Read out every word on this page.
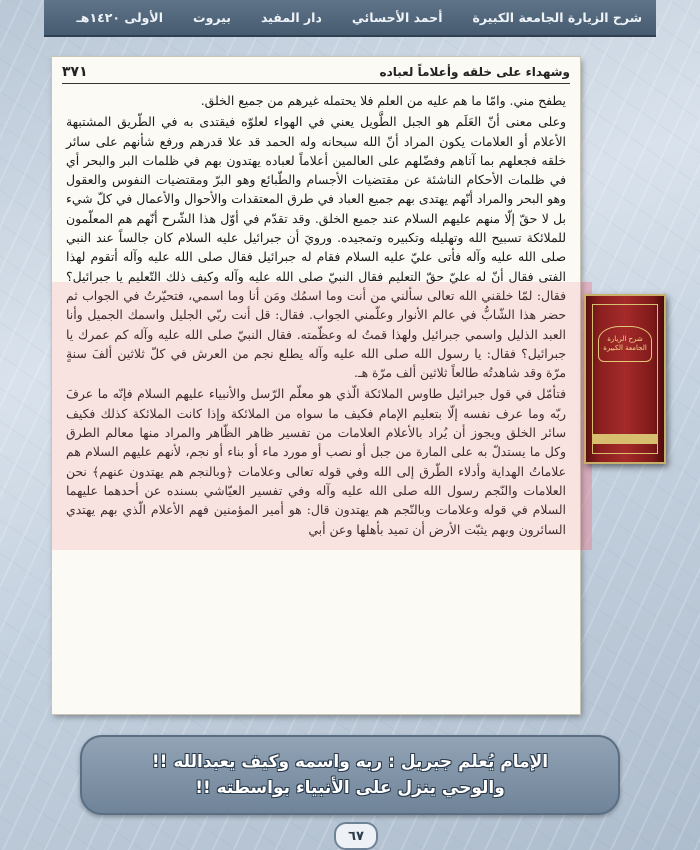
شرح الزيارة الجامعة الكبيرة
أحمد الأحسائي
دار المفيد
بيروت
الأولى ١٤٢٠هـ
وشهداء على خلقه وأعلاماً لعباده
٣٧١

يطفح مني. وامّا ما هم عليه من العلم فلا يحتمله غيرهم من جميع الخلق.

وعلى معنى أنّ العَلَم هو الجبل الطَّويل يعني في الهواء لعلوّه فيقتدى به في الطّريق المشتبهة الأعلام أو العلامات يكون المراد أنّ الله سبحانه وله الحمد قد علا قدرهم ورفع شأنهم على سائر خلقه فجعلهم بما آتاهم وفضّلهم على العالمين أعلاماً لعباده يهتدون بهم في ظلمات البر والبحر أي في ظلمات الأحكام الناشئة عن مقتضيات الأجسام والطّبائع وهو البرّ ومقتضيات النفوس والعقول وهو البحر والمراد أنّهم يهتدى بهم جميع العباد في طرق المعتقدات والأحوال والأعمال في كلّ شيء بل لا حقّ إلّا منهم عليهم السلام عند جميع الخلق. وقد تقدّم في أوّل هذا الشّرح أنّهم هم المعلّمون للملائكة تسبيح الله وتهليله وتكبيره وتمجيده. ورويَ أن جبرائيل عليه السلام كان جالساً عند النبي صلى الله عليه وآله فأتى عليّ عليه السلام فقام له جبرائيل فقال صلى الله عليه وآله أتقوم لهذا الفتى فقال أنّ له عليّ حقّ التعليم فقال النبيّ صلى الله عليه وآله وكيف ذلك التّعليم يا جبرائيل؟ فقال: لمّا خلقني الله تعالى سألني من أنت وما اسمُك ومَن أنا وما اسمي، فتحيّرتُ في الجواب ثم حضر هذا الشّابُّ في عالم الأنوار وعلّمني الجواب. فقال: قل أنت ربّي الجليل واسمك الجميل وأنا العبد الذليل واسمي جبرائيل ولهذا قمتُ له وعظّمته. فقال النبيّ صلى الله عليه وآله كم عمرك يا جبرائيل؟ فقال: يا رسول الله صلى الله عليه وآله يطلع نجم من العرش في كلّ ثلاثين ألفَ سنةٍ مرّة وقد شاهدتُه طالعاً ثلاثين ألف مرّة هـ.

فتأمّل في قول جبرائيل طاوس الملائكة الّذي هو معلّم الرّسل والأنبياء عليهم السلام فإنّه ما عرفَ ربّه وما عرف نفسه إلّا بتعليم الإمام فكيف ما سواه من الملائكة وإذا كانت الملائكة كذلك فكيف سائر الخلق ويجوز أن يُراد بالأعلام العلامات من تفسير ظاهر الظّاهر والمراد منها معالم الطرق وكل ما يستدلّ به على المارة من جبل أو نصب أو مورد ماء أو بناء أو نجم، لأنهم عليهم السلام هم علاماتُ الهداية وأدلاء الطّرق إلى الله وفي قوله تعالى وعلامات ﴿وبالنجم هم يهتدون عنهم﴾ نحن العلامات والنّجم رسول الله صلى الله عليه وآله وفي تفسير العيّاشي بسنده عن أحدهما عليهما السلام في قوله وعلامات وبالنّجم هم يهتدون قال: هو أمير المؤمنين فهم الأعلام الّذي بهم يهتدي السائرون وبهم يثبّت الأرض أن تميد بأهلها وعن أبي

شرح الزيارة الجامعة الكبيرة
الإمام يُعلم جبريل : ربه واسمه وكيف يعبدالله !!
والوحي ينزل على الأنبياء بواسطته !!
٦٧
